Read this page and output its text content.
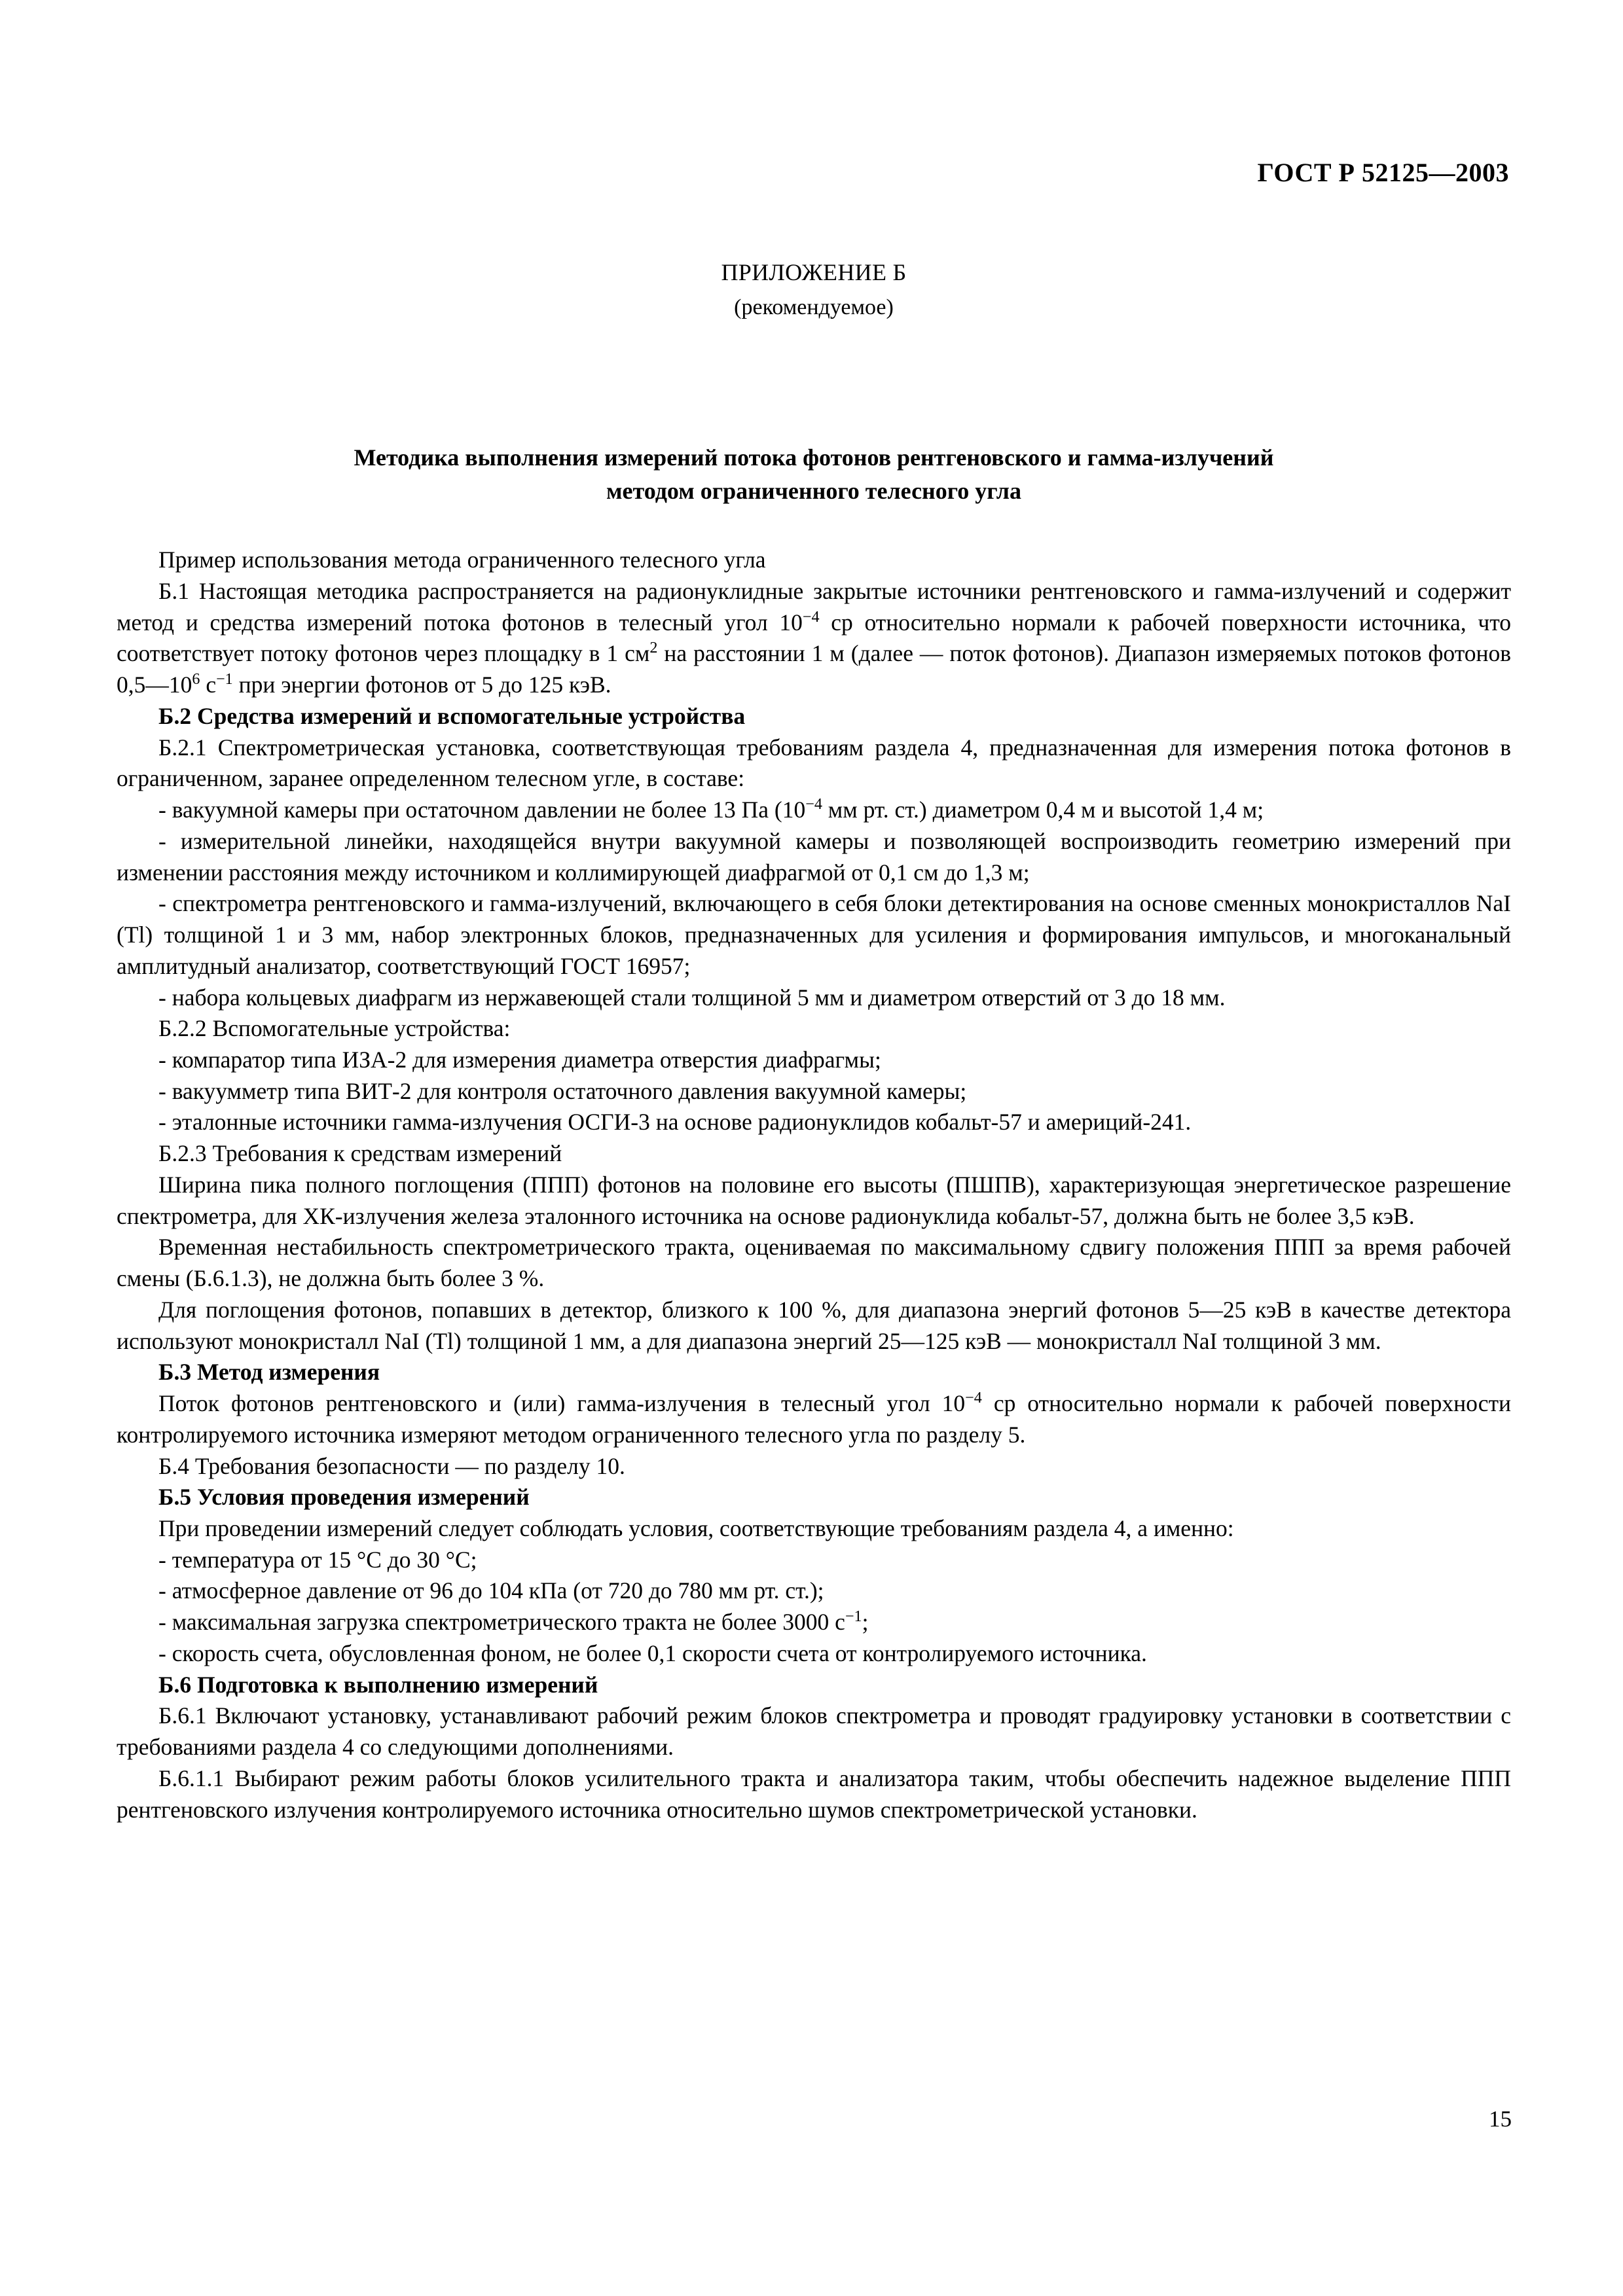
ГОСТ Р 52125—2003
ПРИЛОЖЕНИЕ Б
(рекомендуемое)
Методика выполнения измерений потока фотонов рентгеновского и гамма-излучений
методом ограниченного телесного угла

Пример использования метода ограниченного телесного угла

Б.1 Настоящая методика распространяется на радионуклидные закрытые источники рентгеновского и гамма-излучений и содержит метод и средства измерений потока фотонов в телесный угол $10^{-4}$ ср относительно нормали к рабочей поверхности источника, что соответствует потоку фотонов через площадку в 1 $см^2$ на расстоянии 1 м (далее — поток фотонов). Диапазон измеряемых потоков фотонов $0,5—10^6$ $с^{-1}$ при энергии фотонов от 5 до 125 кэВ.

Б.2 Средства измерений и вспомогательные устройства

Б.2.1 Спектрометрическая установка, соответствующая требованиям раздела 4, предназначенная для измерения потока фотонов в ограниченном, заранее определенном телесном угле, в составе:

- вакуумной камеры при остаточном давлении не более 13 Па ($10^{-4}$ мм рт. ст.) диаметром 0,4 м и высотой 1,4 м;

- измерительной линейки, находящейся внутри вакуумной камеры и позволяющей воспроизводить геометрию измерений при изменении расстояния между источником и коллимирующей диафрагмой от 0,1 см до 1,3 м;

- спектрометра рентгеновского и гамма-излучений, включающего в себя блоки детектирования на основе сменных монокристаллов NaI (Tl) толщиной 1 и 3 мм, набор электронных блоков, предназначенных для усиления и формирования импульсов, и многоканальный амплитудный анализатор, соответствующий ГОСТ 16957;

- набора кольцевых диафрагм из нержавеющей стали толщиной 5 мм и диаметром отверстий от 3 до 18 мм.

Б.2.2 Вспомогательные устройства:

- компаратор типа ИЗА-2 для измерения диаметра отверстия диафрагмы;

- вакуумметр типа ВИТ-2 для контроля остаточного давления вакуумной камеры;

- эталонные источники гамма-излучения ОСГИ-3 на основе радионуклидов кобальт-57 и америций-241.

Б.2.3 Требования к средствам измерений

Ширина пика полного поглощения (ППП) фотонов на половине его высоты (ПШПВ), характеризующая энергетическое разрешение спектрометра, для ХК-излучения железа эталонного источника на основе радионуклида кобальт-57, должна быть не более 3,5 кэВ.

Временная нестабильность спектрометрического тракта, оцениваемая по максимальному сдвигу положения ППП за время рабочей смены (Б.6.1.3), не должна быть более 3 %.

Для поглощения фотонов, попавших в детектор, близкого к 100 %, для диапазона энергий фотонов 5—25 кэВ в качестве детектора используют монокристалл NaI (Tl) толщиной 1 мм, а для диапазона энергий 25—125 кэВ — монокристалл NaI толщиной 3 мм.

Б.3 Метод измерения

Поток фотонов рентгеновского и (или) гамма-излучения в телесный угол $10^{-4}$ ср относительно нормали к рабочей поверхности контролируемого источника измеряют методом ограниченного телесного угла по разделу 5.

Б.4 Требования безопасности — по разделу 10.

Б.5 Условия проведения измерений

При проведении измерений следует соблюдать условия, соответствующие требованиям раздела 4, а именно:

- температура от 15 °С до 30 °С;

- атмосферное давление от 96 до 104 кПа (от 720 до 780 мм рт. ст.);

- максимальная загрузка спектрометрического тракта не более 3000 $с^{-1}$;

- скорость счета, обусловленная фоном, не более 0,1 скорости счета от контролируемого источника.

Б.6 Подготовка к выполнению измерений

Б.6.1 Включают установку, устанавливают рабочий режим блоков спектрометра и проводят градуировку установки в соответствии с требованиями раздела 4 со следующими дополнениями.

Б.6.1.1 Выбирают режим работы блоков усилительного тракта и анализатора таким, чтобы обеспечить надежное выделение ППП рентгеновского излучения контролируемого источника относительно шумов спектрометрической установки.

15
